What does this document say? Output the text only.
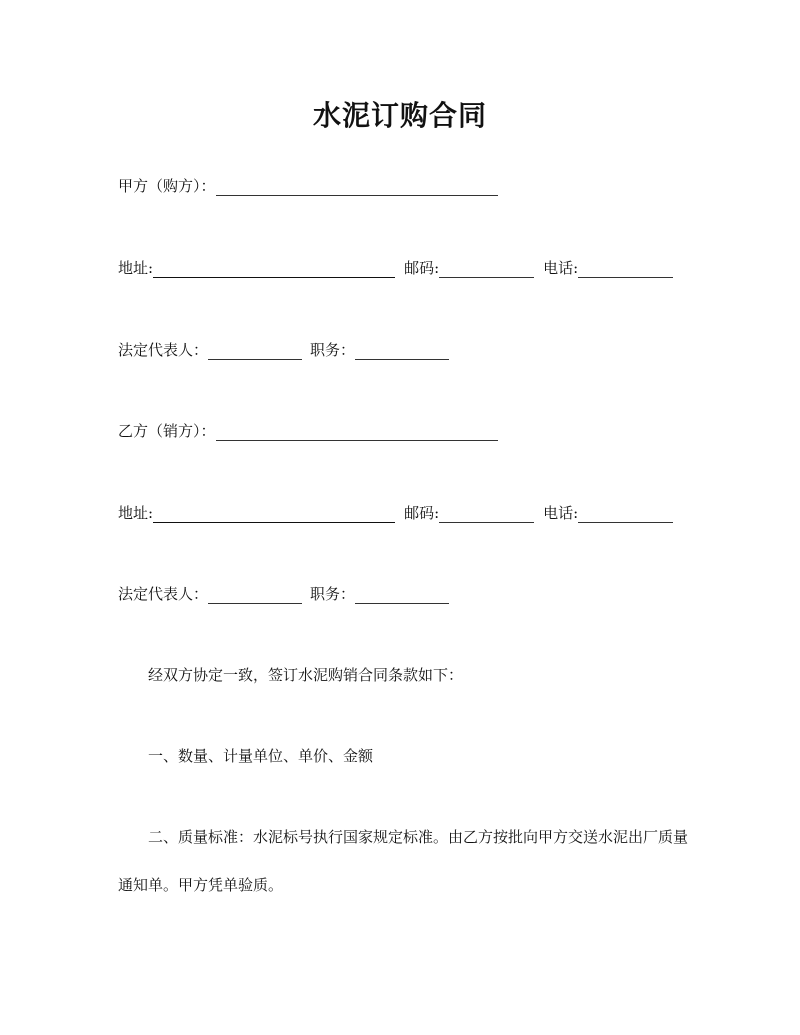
水泥订购合同
甲方（购方）：
地址:	邮码:	电话:
法定代表人：	职务：
乙方（销方）：
地址:	邮码:	电话:
法定代表人：	职务：

经双方协定一致，签订水泥购销合同条款如下：

一、数量、计量单位、单价、金额

二、质量标准：水泥标号执行国家规定标准。由乙方按批向甲方交送水泥出厂质量通知单。甲方凭单验质。
